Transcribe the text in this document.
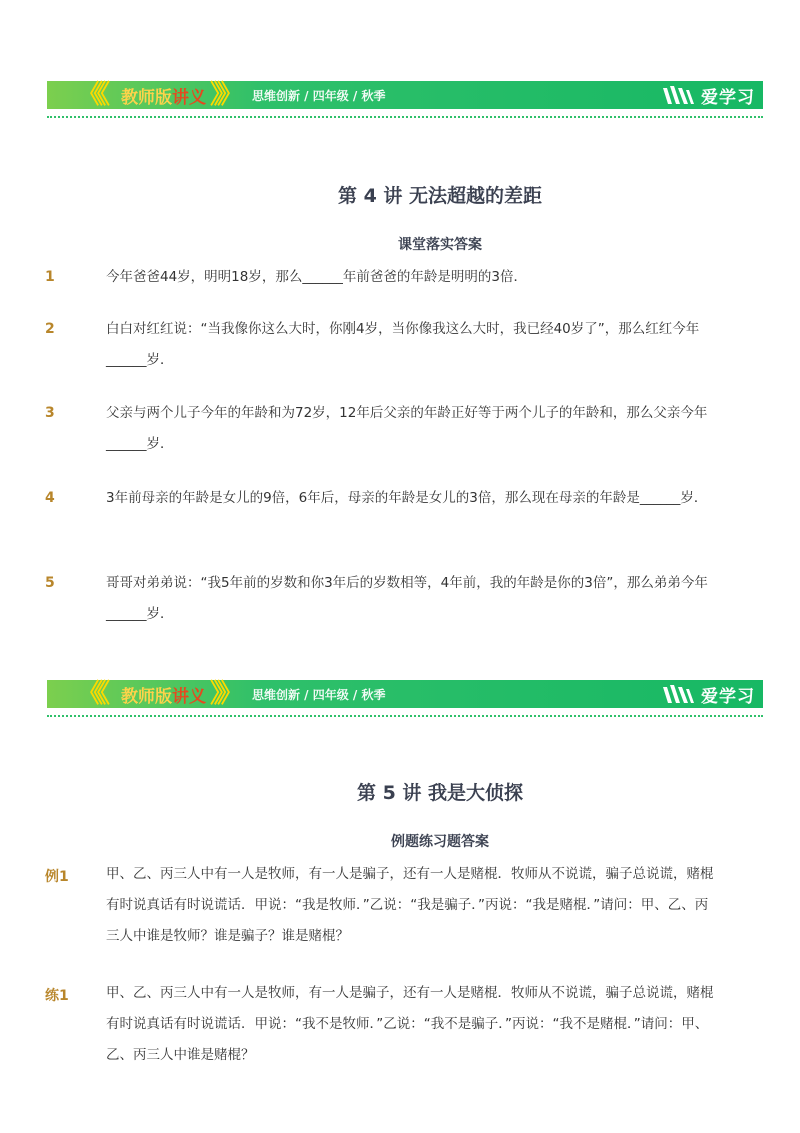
《《 教师版讲义 》》 思维创新 / 四年级 / 秋季	爱学习
第 4 讲 无法超越的差距
课堂落实答案
1	今年爸爸44岁，明明18岁，那么______年前爸爸的年龄是明明的3倍．
2	白白对红红说：“当我像你这么大时，你刚4岁，当你像我这么大时，我已经40岁了”，那么红红今年______岁．
3	父亲与两个儿子今年的年龄和为72岁，12年后父亲的年龄正好等于两个儿子的年龄和，那么父亲今年______岁．
4	3年前母亲的年龄是女儿的9倍，6年后，母亲的年龄是女儿的3倍，那么现在母亲的年龄是______岁．
5	哥哥对弟弟说：“我5年前的岁数和你3年后的岁数相等，4年前，我的年龄是你的3倍”，那么弟弟今年______岁．
《《 教师版讲义 》》 思维创新 / 四年级 / 秋季	爱学习
第 5 讲 我是大侦探
例题练习题答案
例1	甲、乙、丙三人中有一人是牧师，有一人是骗子，还有一人是赌棍．牧师从不说谎，骗子总说谎，赌棍有时说真话有时说谎话．甲说：“我是牧师．”乙说：“我是骗子．”丙说：“我是赌棍．”请问：甲、乙、丙三人中谁是牧师？谁是骗子？谁是赌棍？
练1	甲、乙、丙三人中有一人是牧师，有一人是骗子，还有一人是赌棍．牧师从不说谎，骗子总说谎，赌棍有时说真话有时说谎话．甲说：“我不是牧师．”乙说：“我不是骗子．”丙说：“我不是赌棍．”请问：甲、乙、丙三人中谁是赌棍？
